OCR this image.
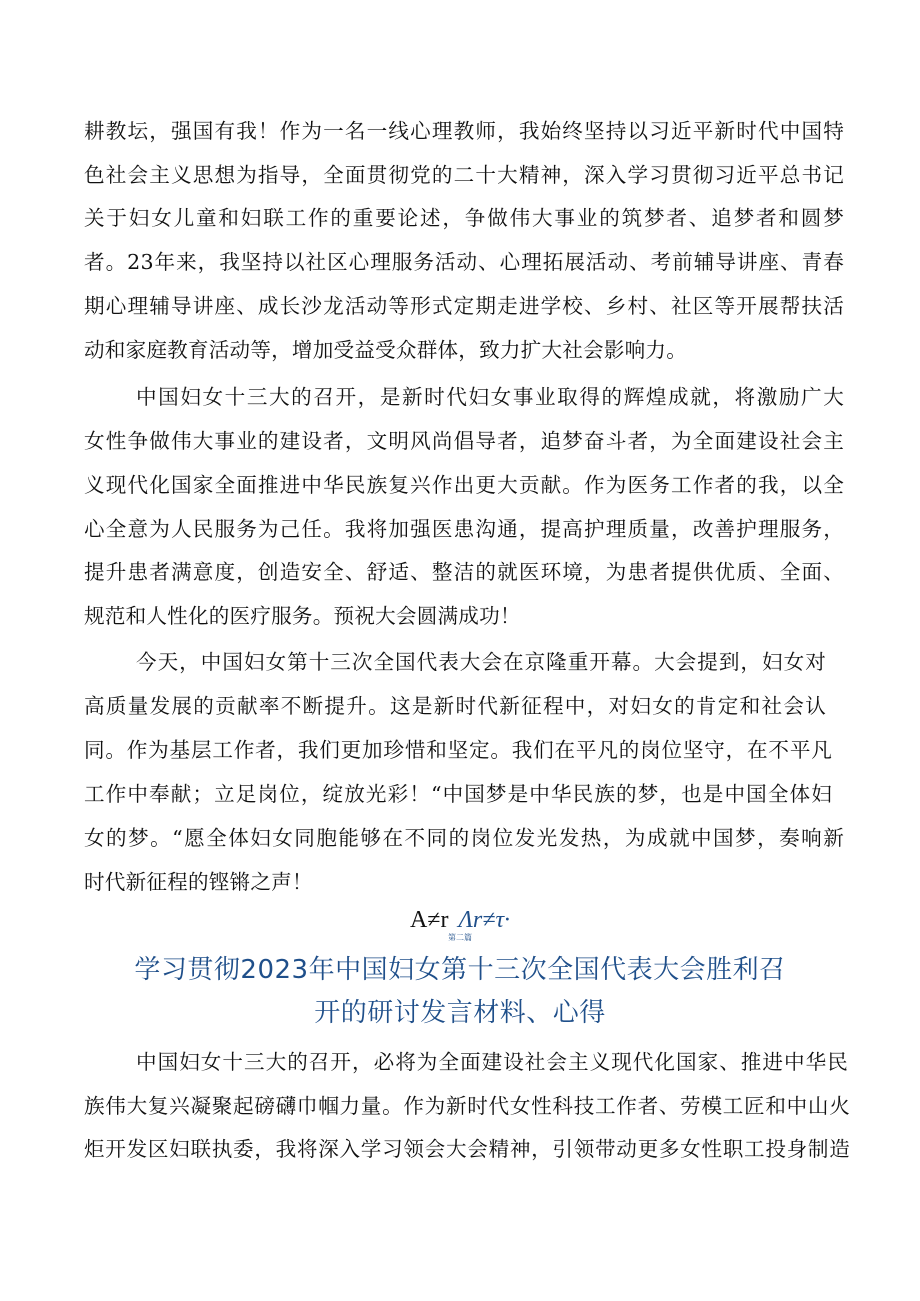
耕教坛，强国有我！作为一名一线心理教师，我始终坚持以习近平新时代中国特
色社会主义思想为指导，全面贯彻党的二十大精神，深入学习贯彻习近平总书记
关于妇女儿童和妇联工作的重要论述，争做伟大事业的筑梦者、追梦者和圆梦
者。23年来，我坚持以社区心理服务活动、心理拓展活动、考前辅导讲座、青春
期心理辅导讲座、成长沙龙活动等形式定期走进学校、乡村、社区等开展帮扶活
动和家庭教育活动等，增加受益受众群体，致力扩大社会影响力。
中国妇女十三大的召开，是新时代妇女事业取得的辉煌成就，将激励广大
女性争做伟大事业的建设者，文明风尚倡导者，追梦奋斗者，为全面建设社会主
义现代化国家全面推进中华民族复兴作出更大贡献。作为医务工作者的我，以全
心全意为人民服务为己任。我将加强医患沟通，提高护理质量，改善护理服务，
提升患者满意度，创造安全、舒适、整洁的就医环境，为患者提供优质、全面、
规范和人性化的医疗服务。预祝大会圆满成功！
今天，中国妇女第十三次全国代表大会在京隆重开幕。大会提到，妇女对
高质量发展的贡献率不断提升。这是新时代新征程中，对妇女的肯定和社会认
同。作为基层工作者，我们更加珍惜和坚定。我们在平凡的岗位坚守，在不平凡
工作中奉献；立足岗位，绽放光彩！“中国梦是中华民族的梦，也是中国全体妇
女的梦。“愿全体妇女同胞能够在不同的岗位发光发热，为成就中国梦，奏响新
时代新征程的铿锵之声！
A≠r Λr≠τ·
第二篇
学习贯彻2023年中国妇女第十三次全国代表大会胜利召
开的研讨发言材料、心得
中国妇女十三大的召开，必将为全面建设社会主义现代化国家、推进中华民
族伟大复兴凝聚起磅礴巾帼力量。作为新时代女性科技工作者、劳模工匠和中山火
炬开发区妇联执委，我将深入学习领会大会精神，引领带动更多女性职工投身制造
